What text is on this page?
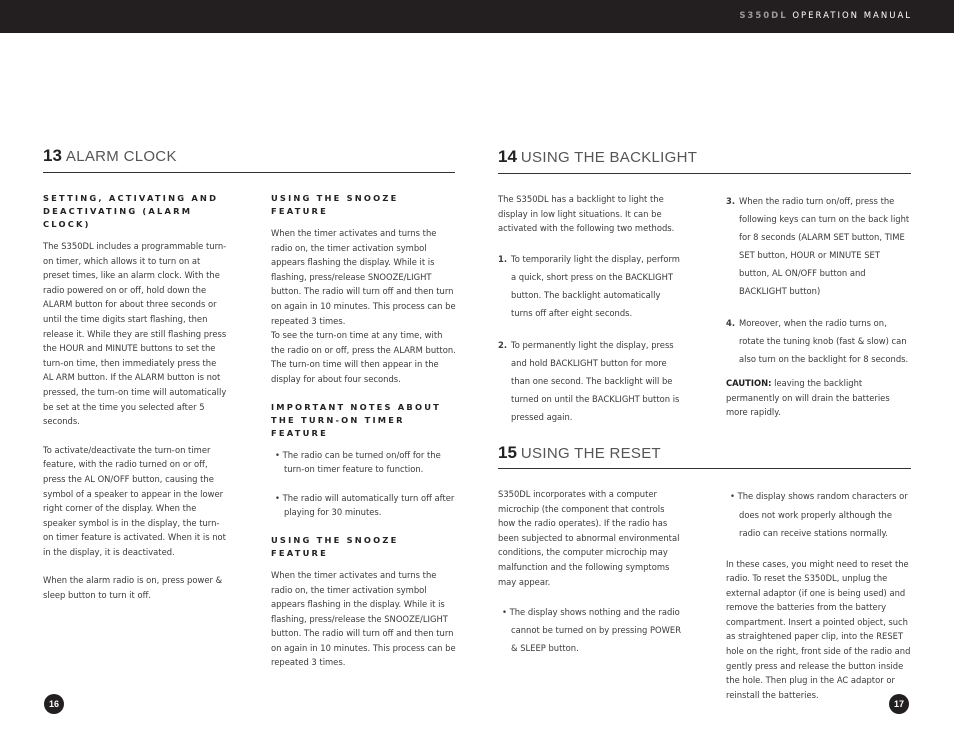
S350DL OPERATION MANUAL
13 ALARM CLOCK	14 USING THE BACKLIGHT
15 USING THE RESET

SETTING, ACTIVATING AND DEACTIVATING (ALARM CLOCK)

The S350DL includes a programmable turn-on timer, which allows it to turn on at preset times, like an alarm clock. With the radio powered on or off, hold down the ALARM button for about three seconds or until the time digits start flashing, then release it. While they are still flashing press the HOUR and MINUTE buttons to set the turn-on time, then immediately press the AL ARM button. If the ALARM button is not pressed, the turn-on time will automatically be set at the time you selected after 5 seconds.

To activate/deactivate the turn-on timer feature, with the radio turned on or off, press the AL ON/OFF button, causing the symbol of a speaker to appear in the lower right corner of the display. When the speaker symbol is in the display, the turn-on timer feature is activated. When it is not in the display, it is deactivated.

When the alarm radio is on, press power & sleep button to turn it off.

USING THE SNOOZE FEATURE

When the timer activates and turns the radio on, the timer activation symbol appears flashing the display. While it is flashing, press/release SNOOZE/LIGHT button. The radio will turn off and then turn on again in 10 minutes. This process can be repeated 3 times.

To see the turn-on time at any time, with the radio on or off, press the ALARM button. The turn-on time will then appear in the display for about four seconds.

IMPORTANT NOTES ABOUT THE TURN-ON TIMER FEATURE

• The radio can be turned on/off for the turn-on timer feature to function.

• The radio will automatically turn off after playing for 30 minutes.

USING THE SNOOZE FEATURE

When the timer activates and turns the radio on, the timer activation symbol appears flashing in the display. While it is flashing, press/release the SNOOZE/LIGHT button. The radio will turn off and then turn on again in 10 minutes. This process can be repeated 3 times.

The S350DL has a backlight to light the display in low light situations. It can be activated with the following two methods.

1. To temporarily light the display, perform a quick, short press on the BACKLIGHT button. The backlight automatically turns off after eight seconds.
2. To permanently light the display, press and hold BACKLIGHT button for more than one second. The backlight will be turned on until the BACKLIGHT button is pressed again.
3. When the radio turn on/off, press the following keys can turn on the back light for 8 seconds (ALARM SET button, TIME SET button, HOUR or MINUTE SET button, AL ON/OFF button and BACKLIGHT button)
4. Moreover, when the radio turns on, rotate the tuning knob (fast & slow) can also turn on the backlight for 8 seconds.

CAUTION: leaving the backlight permanently on will drain the batteries more rapidly.

S350DL incorporates with a computer microchip (the component that controls how the radio operates). If the radio has been subjected to abnormal environmental conditions, the computer microchip may malfunction and the following symptoms may appear.

• The display shows nothing and the radio cannot be turned on by pressing POWER & SLEEP button.

• The display shows random characters or does not work properly although the radio can receive stations normally.

In these cases, you might need to reset the radio. To reset the S350DL, unplug the external adaptor (if one is being used) and remove the batteries from the battery compartment. Insert a pointed object, such as straightened paper clip, into the RESET hole on the right, front side of the radio and gently press and release the button inside the hole. Then plug in the AC adaptor or reinstall the batteries.

16	17
